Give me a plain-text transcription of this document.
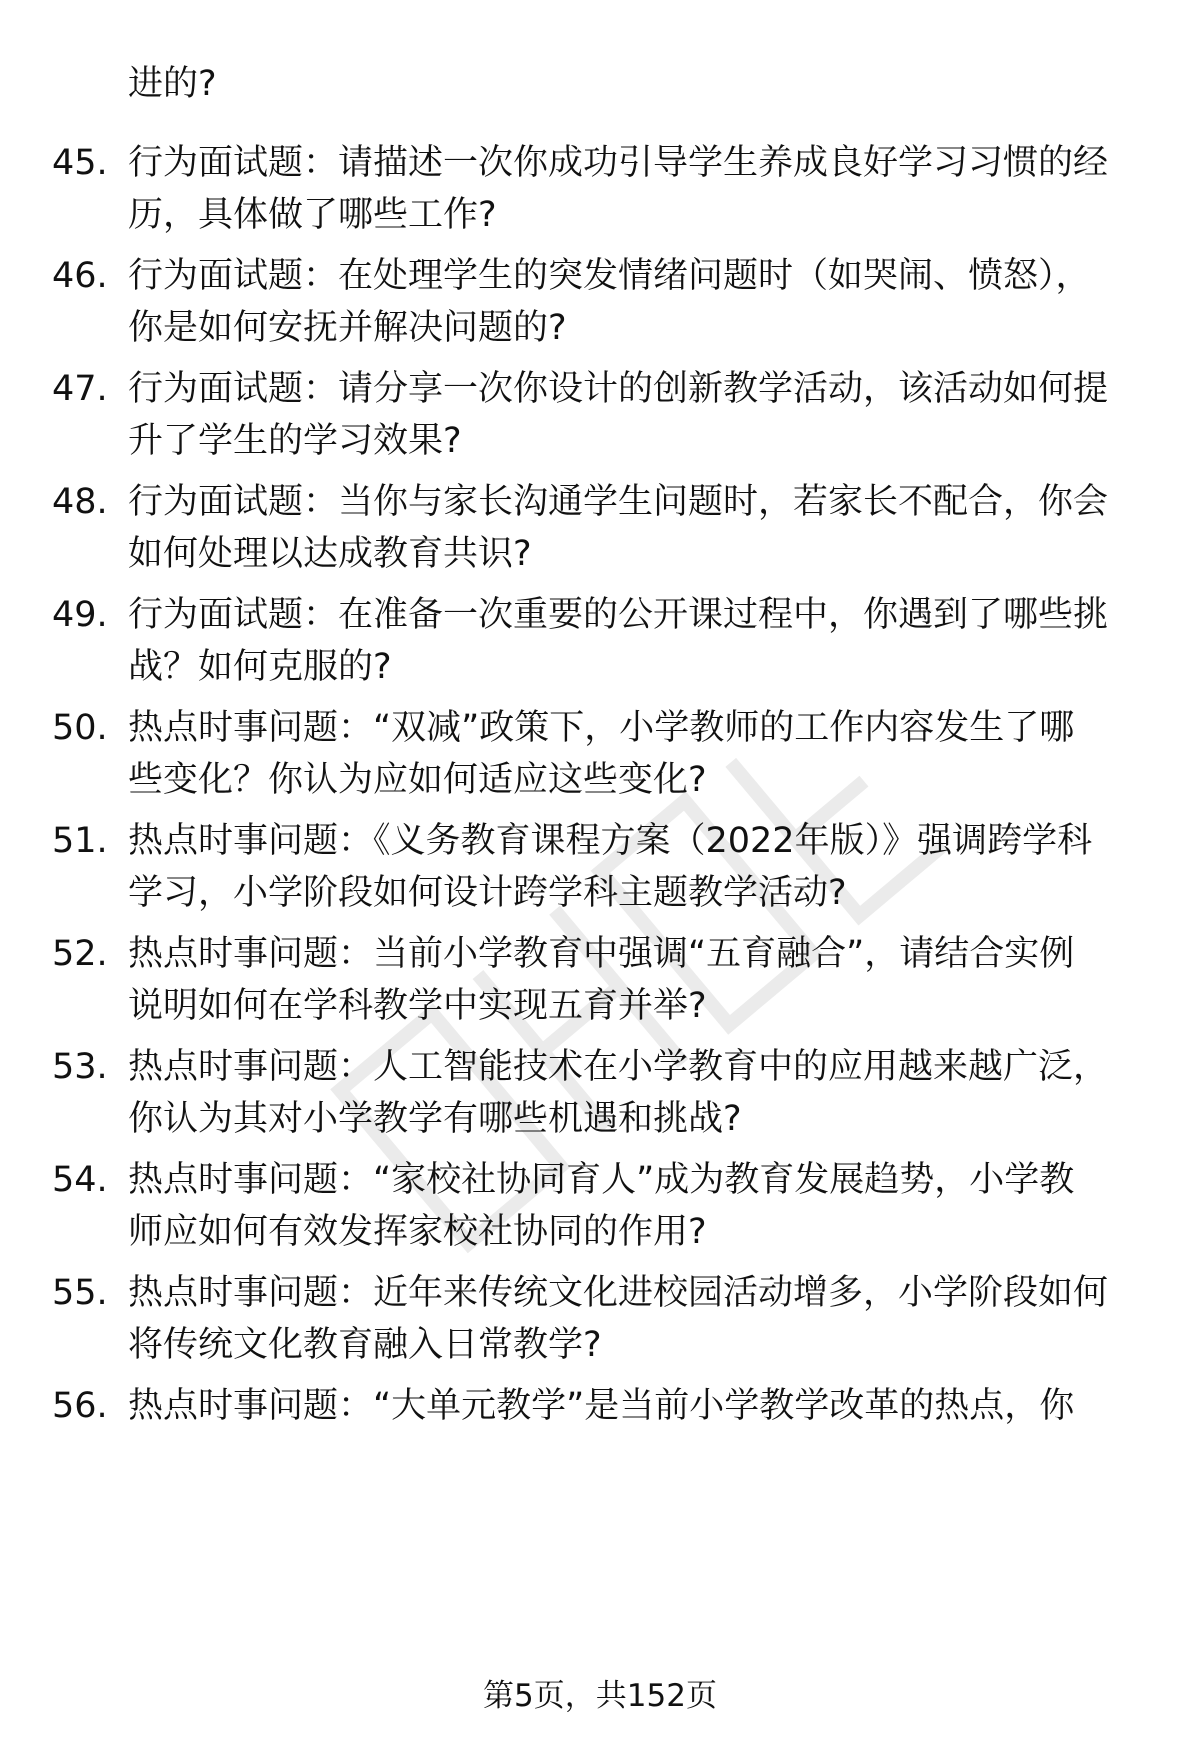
进的?
45. 行为面试题：请描述一次你成功引导学生养成良好学习习惯的经
历，具体做了哪些工作?
46. 行为面试题：在处理学生的突发情绪问题时（如哭闹、愤怒），
你是如何安抚并解决问题的?
47. 行为面试题：请分享一次你设计的创新教学活动，该活动如何提
升了学生的学习效果?
48. 行为面试题：当你与家长沟通学生问题时，若家长不配合，你会
如何处理以达成教育共识?
49. 行为面试题：在准备一次重要的公开课过程中，你遇到了哪些挑
战？如何克服的?
50. 热点时事问题：“双减”政策下，小学教师的工作内容发生了哪
些变化？你认为应如何适应这些变化?
51. 热点时事问题：《义务教育课程方案（2022年版）》强调跨学科
学习，小学阶段如何设计跨学科主题教学活动?
52. 热点时事问题：当前小学教育中强调“五育融合”，请结合实例
说明如何在学科教学中实现五育并举?
53. 热点时事问题：人工智能技术在小学教育中的应用越来越广泛，
你认为其对小学教学有哪些机遇和挑战?
54. 热点时事问题：“家校社协同育人”成为教育发展趋势，小学教
师应如何有效发挥家校社协同的作用?
55. 热点时事问题：近年来传统文化进校园活动增多，小学阶段如何
将传统文化教育融入日常教学?
56. 热点时事问题：“大单元教学”是当前小学教学改革的热点，你
第5页，共152页
